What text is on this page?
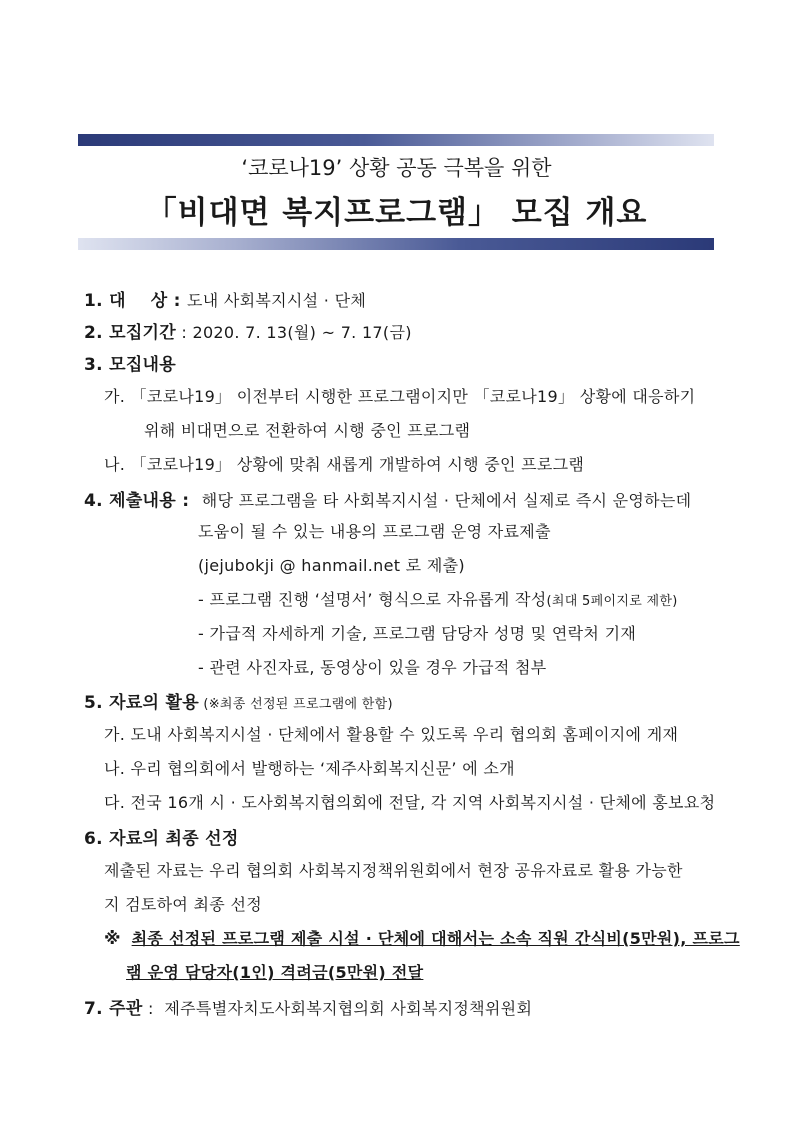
‘코로나19’ 상황 공동 극복을 위한
「비대면 복지프로그램」 모집 개요
1. 대    상 : 도내 사회복지시설 · 단체
2. 모집기간 : 2020. 7. 13(월) ~ 7. 17(금)
3. 모집내용
가. 「코로나19」 이전부터 시행한 프로그램이지만 「코로나19」 상황에 대응하기
위해 비대면으로 전환하여 시행 중인 프로그램
나. 「코로나19」 상황에 맞춰 새롭게 개발하여 시행 중인 프로그램
4. 제출내용 :  해당 프로그램을 타 사회복지시설 · 단체에서 실제로 즉시 운영하는데
도움이 될 수 있는 내용의 프로그램 운영 자료제출
(jejubokji @ hanmail.net 로 제출)
- 프로그램 진행 ‘설명서’ 형식으로 자유롭게 작성(최대 5페이지로 제한)
- 가급적 자세하게 기술, 프로그램 담당자 성명 및 연락처 기재
- 관련 사진자료, 동영상이 있을 경우 가급적 첨부
5. 자료의 활용 (※최종 선정된 프로그램에 한함)
가. 도내 사회복지시설 · 단체에서 활용할 수 있도록 우리 협의회 홈페이지에 게재
나. 우리 협의회에서 발행하는 ‘제주사회복지신문’ 에 소개
다. 전국 16개 시 · 도사회복지협의회에 전달, 각 지역 사회복지시설 · 단체에 홍보요청
6. 자료의 최종 선정
제출된 자료는 우리 협의회 사회복지정책위원회에서 현장 공유자료로 활용 가능한
지 검토하여 최종 선정
※ 최종 선정된 프로그램 제출 시설 · 단체에 대해서는 소속 직원 간식비(5만원), 프로그
램 운영 담당자(1인) 격려금(5만원) 전달
7. 주관 :  제주특별자치도사회복지협의회 사회복지정책위원회
